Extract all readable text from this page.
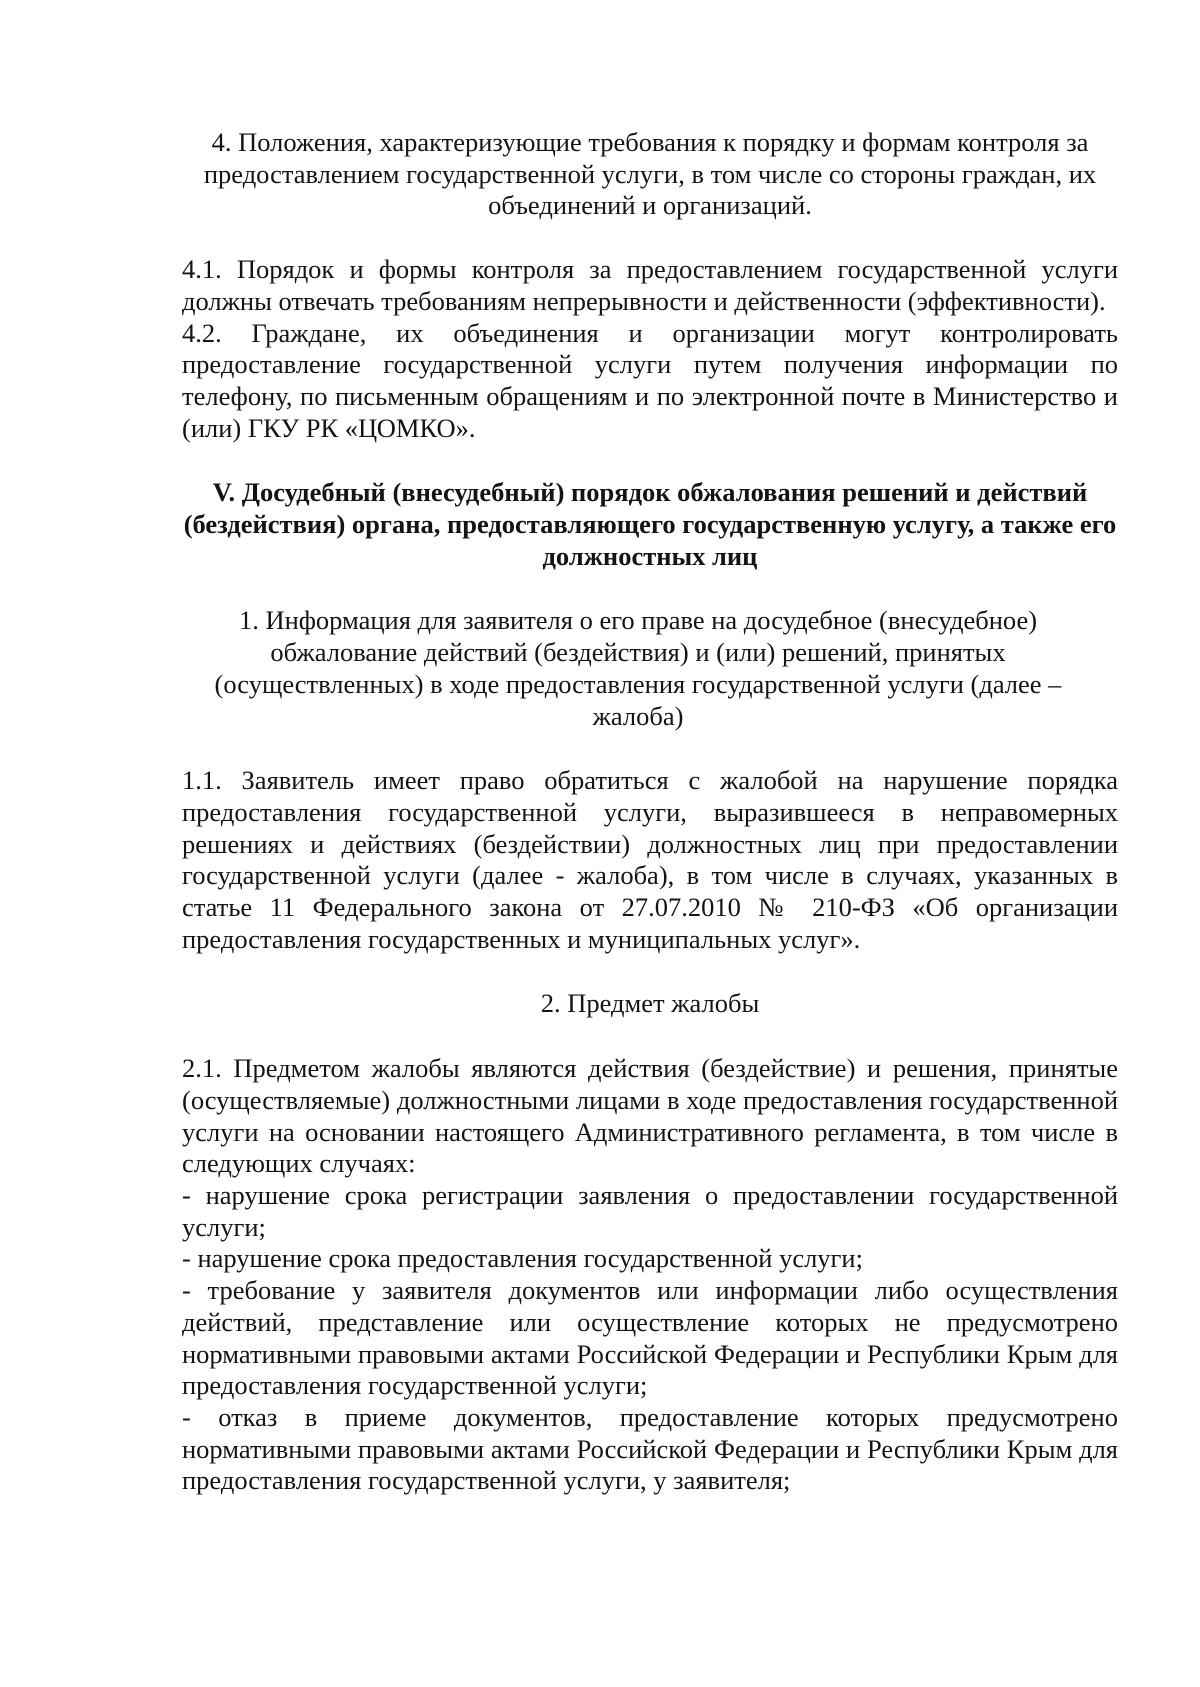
4. Положения, характеризующие требования к порядку и формам контроля за предоставлением государственной услуги, в том числе со стороны граждан, их объединений и организаций.

4.1. Порядок и формы контроля за предоставлением государственной услуги должны отвечать требованиям непрерывности и действенности (эффективности).

4.2. Граждане, их объединения и организации могут контролировать предоставление государственной услуги путем получения информации по телефону, по письменным обращениям и по электронной почте в Министерство и (или) ГКУ РК «ЦОМКО».

V. Досудебный (внесудебный) порядок обжалования решений и действий (бездействия) органа, предоставляющего государственную услугу, а также его должностных лиц

1. Информация для заявителя о его праве на досудебное (внесудебное) обжалование действий (бездействия) и (или) решений, принятых (осуществленных) в ходе предоставления государственной услуги (далее – жалоба)

1.1. Заявитель имеет право обратиться с жалобой на нарушение порядка предоставления государственной услуги, выразившееся в неправомерных решениях и действиях (бездействии) должностных лиц при предоставлении государственной услуги (далее - жалоба), в том числе в случаях, указанных в статье 11 Федерального закона от 27.07.2010 № 210-ФЗ «Об организации предоставления государственных и муниципальных услуг».

2. Предмет жалобы

2.1. Предметом жалобы являются действия (бездействие) и решения, принятые (осуществляемые) должностными лицами в ходе предоставления государственной услуги на основании настоящего Административного регламента, в том числе в следующих случаях:

- нарушение срока регистрации заявления о предоставлении государственной услуги;

- нарушение срока предоставления государственной услуги;

- требование у заявителя документов или информации либо осуществления действий, представление или осуществление которых не предусмотрено нормативными правовыми актами Российской Федерации и Республики Крым для предоставления государственной услуги;

- отказ в приеме документов, предоставление которых предусмотрено нормативными правовыми актами Российской Федерации и Республики Крым для предоставления государственной услуги, у заявителя;
